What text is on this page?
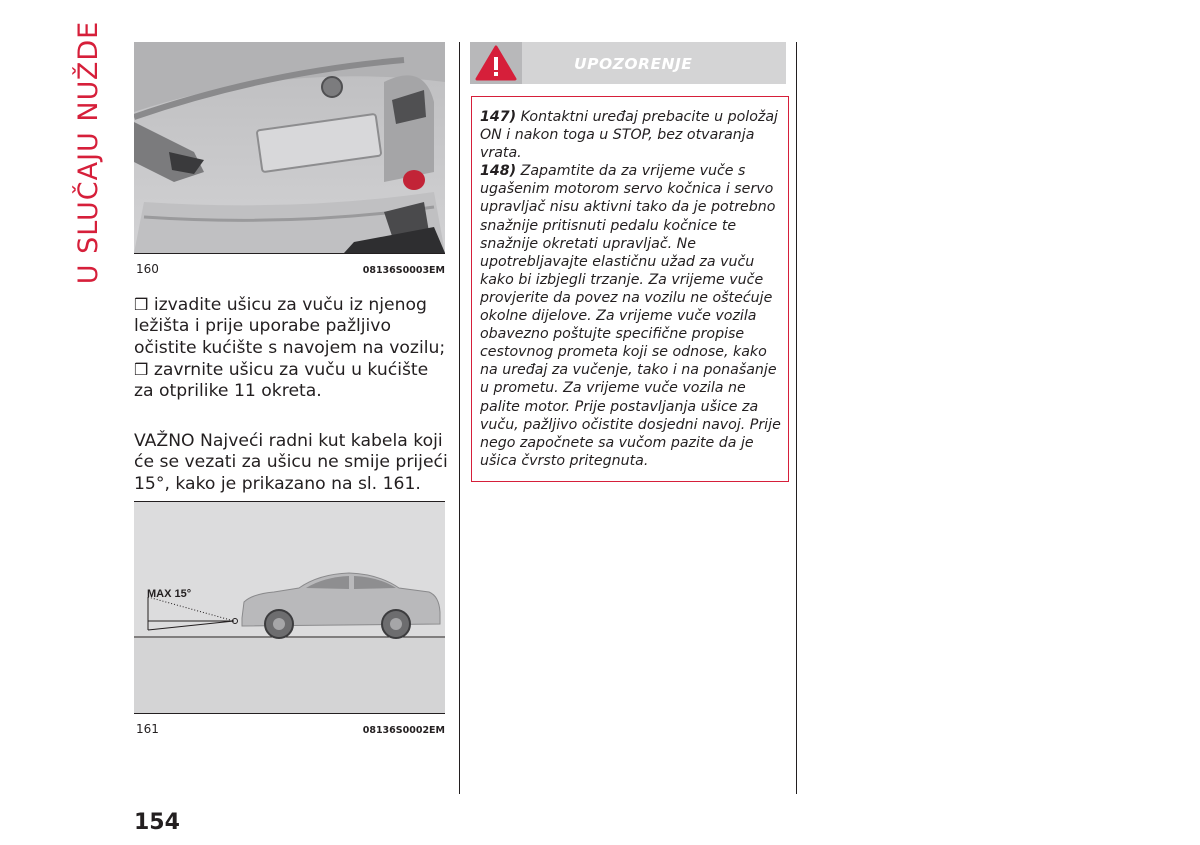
U SLUČAJU NUŽDE	160	08136S0003EM

❒ izvadite ušicu za vuču iz njenog ležišta i prije uporabe pažljivo očistite kućište s navojem na vozilu;

❒ zavrnite ušicu za vuču u kućište za otprilike 11 okreta.

VAŽNO Najveći radni kut kabela koji će se vezati za ušicu ne smije prijeći 15°, kako je prikazano na sl. 161.

MAX 15°
161	08136S0002EM
UPOZORENJE

147) Kontaktni uređaj prebacite u položaj ON i nakon toga u STOP, bez otvaranja vrata.

148) Zapamtite da za vrijeme vuče s ugašenim motorom servo kočnica i servo upravljač nisu aktivni tako da je potrebno snažnije pritisnuti pedalu kočnice te snažnije okretati upravljač. Ne upotrebljavajte elastičnu užad za vuču kako bi izbjegli trzanje. Za vrijeme vuče provjerite da povez na vozilu ne oštećuje okolne dijelove. Za vrijeme vuče vozila obavezno poštujte specifične propise cestovnog prometa koji se odnose, kako na uređaj za vučenje, tako i na ponašanje u prometu. Za vrijeme vuče vozila ne palite motor. Prije postavljanja ušice za vuču, pažljivo očistite dosjedni navoj. Prije nego započnete sa vučom pazite da je ušica čvrsto pritegnuta.

154
